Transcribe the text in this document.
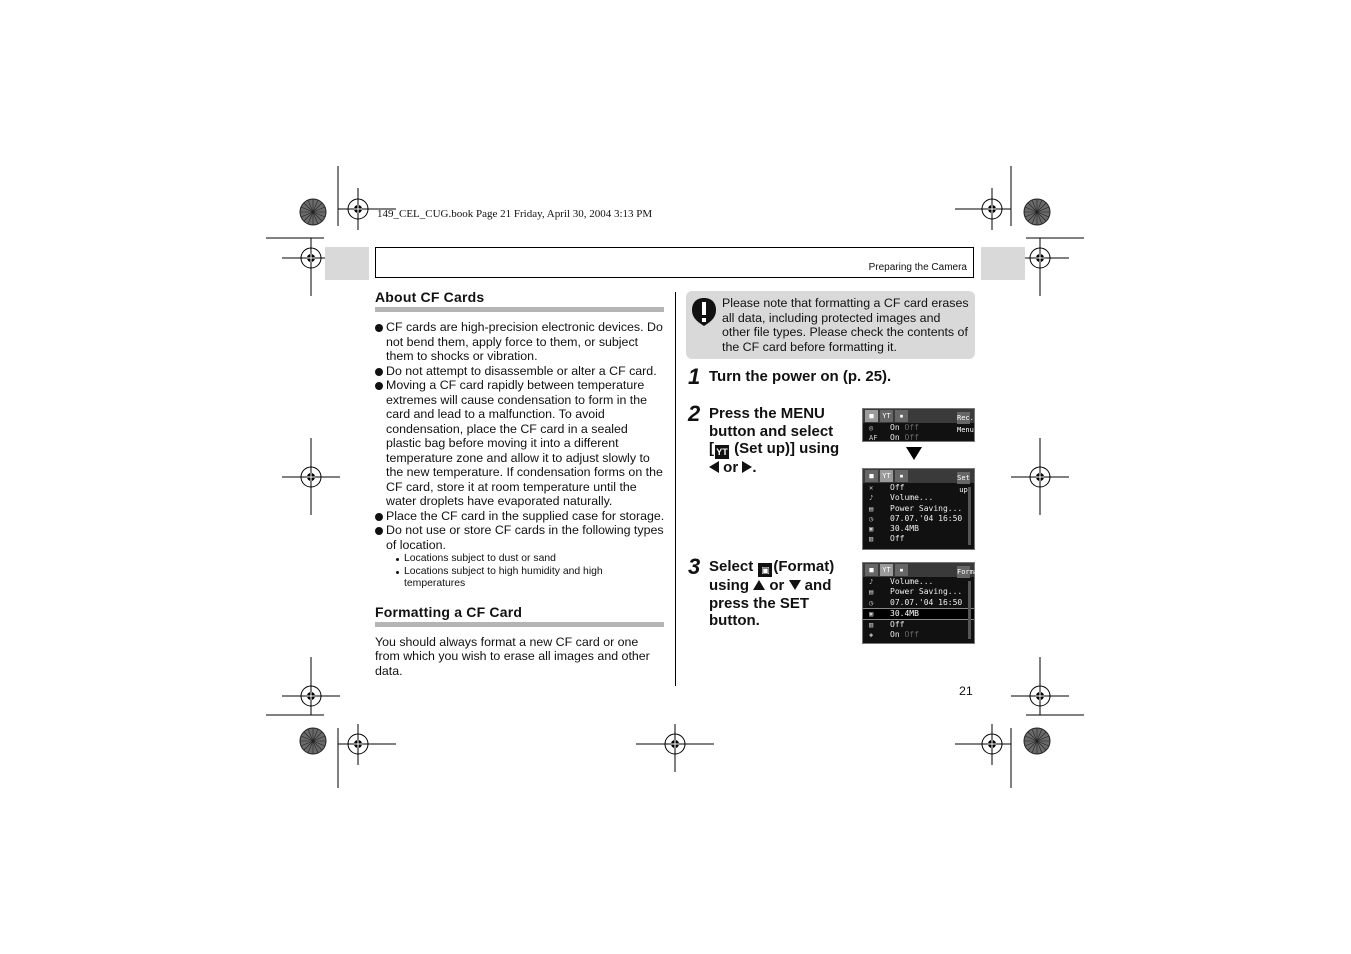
149_CEL_CUG.book Page 21 Friday, April 30, 2004 3:13 PM
Preparing the Camera
About CF Cards
CF cards are high-precision electronic devices. Do not bend them, apply force to them, or subject them to shocks or vibration.
Do not attempt to disassemble or alter a CF card.
Moving a CF card rapidly between temperature extremes will cause condensation to form in the card and lead to a malfunction. To avoid condensation, place the CF card in a sealed plastic bag before moving it into a different temperature zone and allow it to adjust slowly to the new temperature. If condensation forms on the CF card, store it at room temperature until the water droplets have evaporated naturally.
Place the CF card in the supplied case for storage.
Do not use or store CF cards in the following types of location.
Locations subject to dust or sand
Locations subject to high humidity and high temperatures
Formatting a CF Card
You should always format a new CF card or one from which you wish to erase all images and other data.
Please note that formatting a CF card erases all data, including protected images and other file types. Please check the contents of the CF card before formatting it.
1 Turn the power on (p. 25).
2 Press the MENU
button and select
[ YT (Set up)] using
or .
■ YT ▪	Rec. Menu
◎	On Off
AF	On Off
■ YT ▪	Set up
✕	Off
♪	Volume...
▤	Power Saving...
◷	07.07.'04 16:50
▣	30.4MB
▥	Off
3 Select ▣ (Format)
using  or  and
press the SET
button.
■ YT ▪	Format
♪	Volume...
▤	Power Saving...
◷	07.07.'04 16:50
▣	30.4MB
▥	Off
◈	On Off
21
